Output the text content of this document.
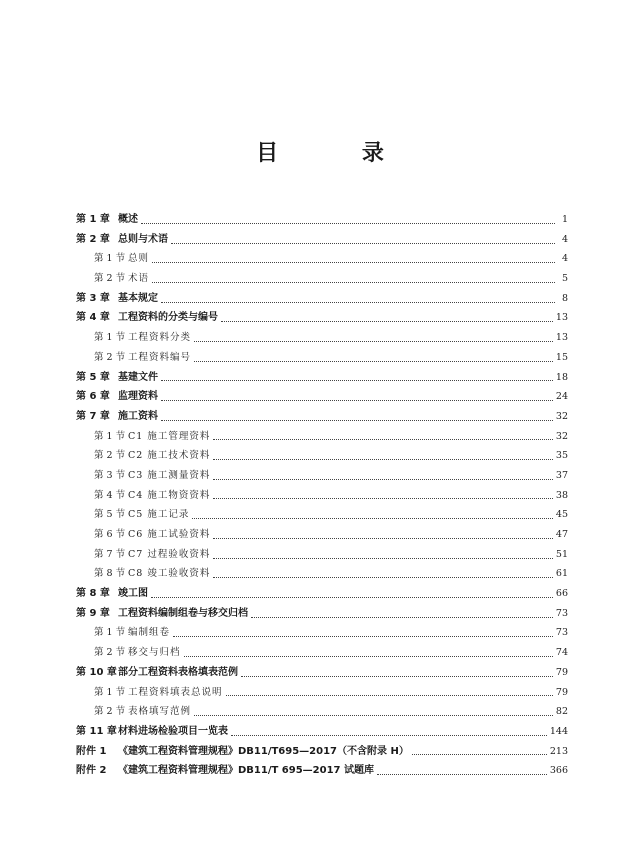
目 录
第 1 章 概述	1
第 2 章 总则与术语	4
第 1 节 总则	4
第 2 节 术语	5
第 3 章 基本规定	8
第 4 章 工程资料的分类与编号	13
第 1 节 工程资料分类	13
第 2 节 工程资料编号	15
第 5 章 基建文件	18
第 6 章 监理资料	24
第 7 章 施工资料	32
第 1 节 C1 施工管理资料	32
第 2 节 C2 施工技术资料	35
第 3 节 C3 施工测量资料	37
第 4 节 C4 施工物资资料	38
第 5 节 C5 施工记录	45
第 6 节 C6 施工试验资料	47
第 7 节 C7 过程验收资料	51
第 8 节 C8 竣工验收资料	61
第 8 章 竣工图	66
第 9 章 工程资料编制组卷与移交归档	73
第 1 节 编制组卷	73
第 2 节 移交与归档	74
第 10 章 部分工程资料表格填表范例	79
第 1 节 工程资料填表总说明	79
第 2 节 表格填写范例	82
第 11 章 材料进场检验项目一览表	144
附件 1	《建筑工程资料管理规程》DB11/T695—2017（不含附录 H）	213
附件 2	《建筑工程资料管理规程》DB11/T 695—2017 试题库	366
